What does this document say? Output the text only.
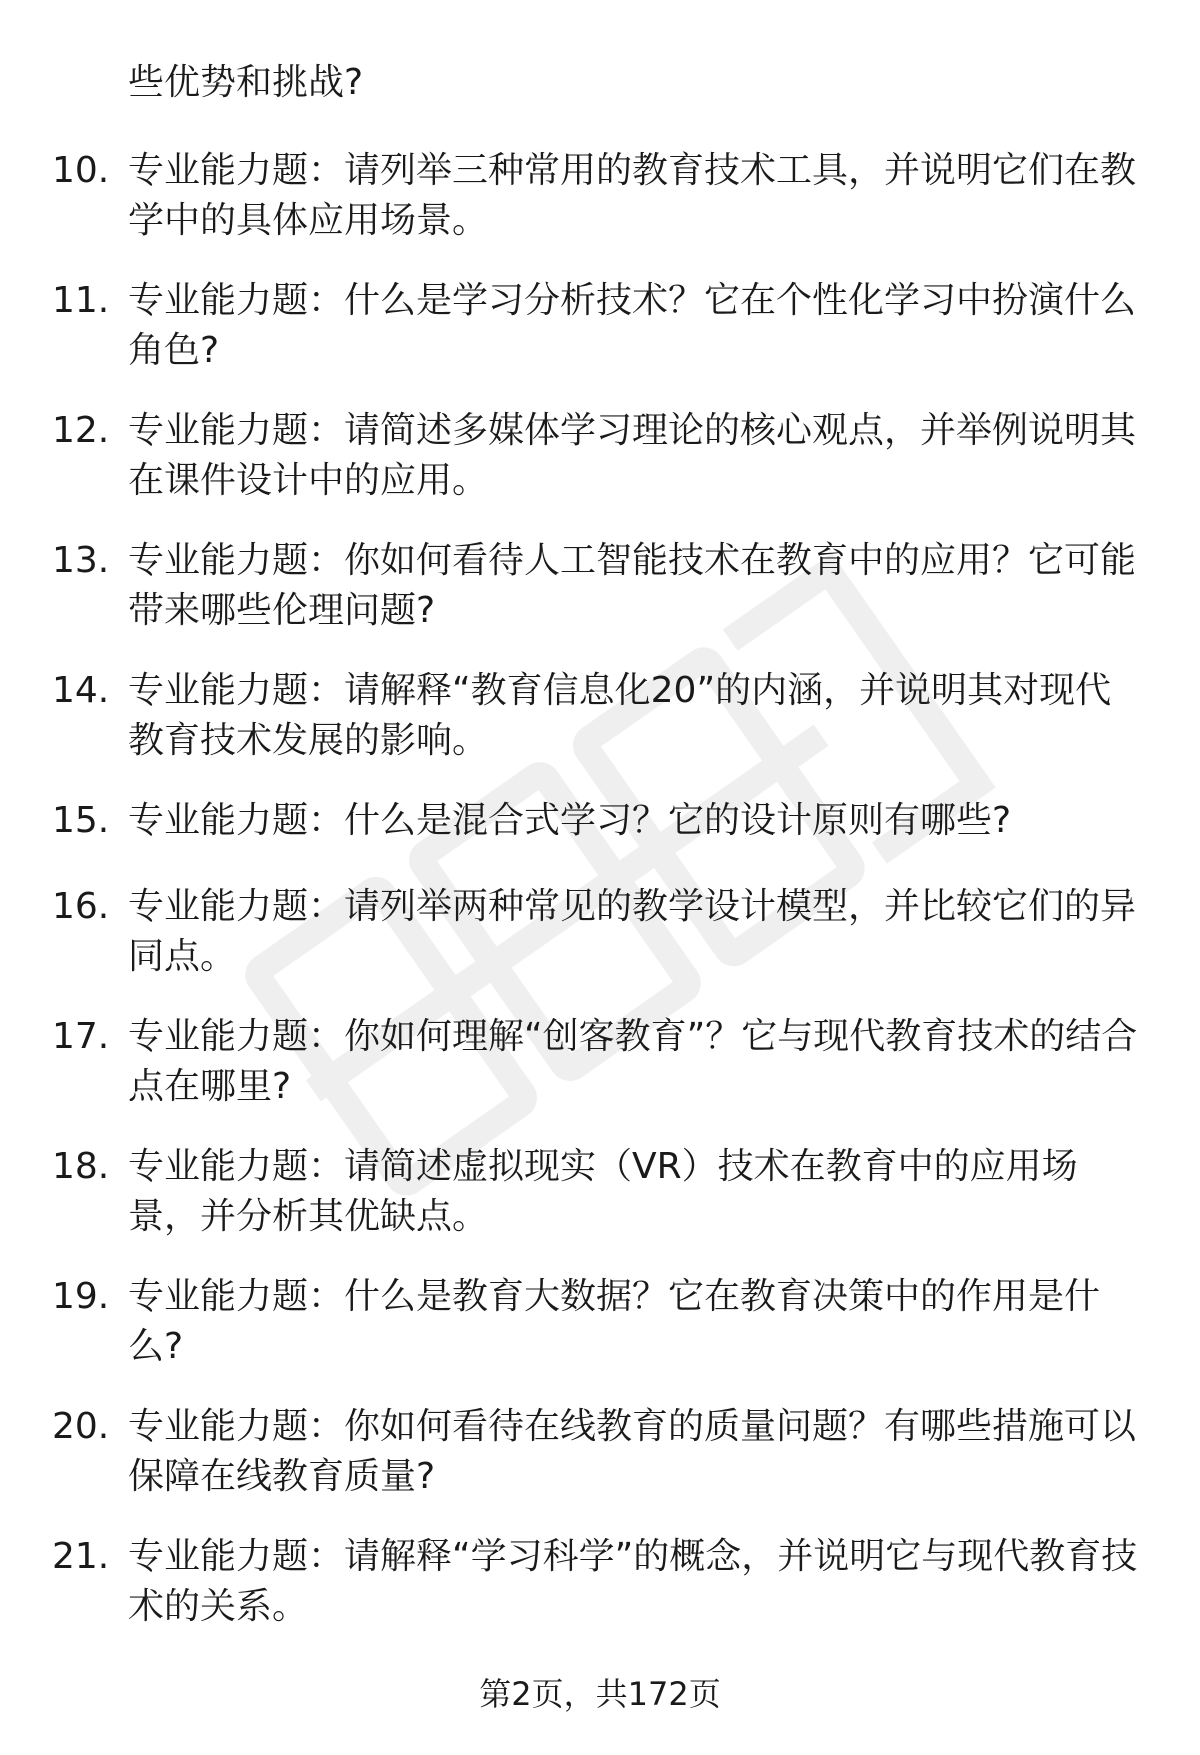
些优势和挑战?

10. 专业能力题：请列举三种常用的教育技术工具，并说明它们在教学中的具体应用场景。

11. 专业能力题：什么是学习分析技术？它在个性化学习中扮演什么角色?

12. 专业能力题：请简述多媒体学习理论的核心观点，并举例说明其在课件设计中的应用。

13. 专业能力题：你如何看待人工智能技术在教育中的应用？它可能带来哪些伦理问题?

14. 专业能力题：请解释“教育信息化20”的内涵，并说明其对现代教育技术发展的影响。

15. 专业能力题：什么是混合式学习？它的设计原则有哪些?

16. 专业能力题：请列举两种常见的教学设计模型，并比较它们的异同点。

17. 专业能力题：你如何理解“创客教育”？它与现代教育技术的结合点在哪里?

18. 专业能力题：请简述虚拟现实（VR）技术在教育中的应用场景，并分析其优缺点。

19. 专业能力题：什么是教育大数据？它在教育决策中的作用是什么?

20. 专业能力题：你如何看待在线教育的质量问题？有哪些措施可以保障在线教育质量?

21. 专业能力题：请解释“学习科学”的概念，并说明它与现代教育技术的关系。

第2页，共172页
